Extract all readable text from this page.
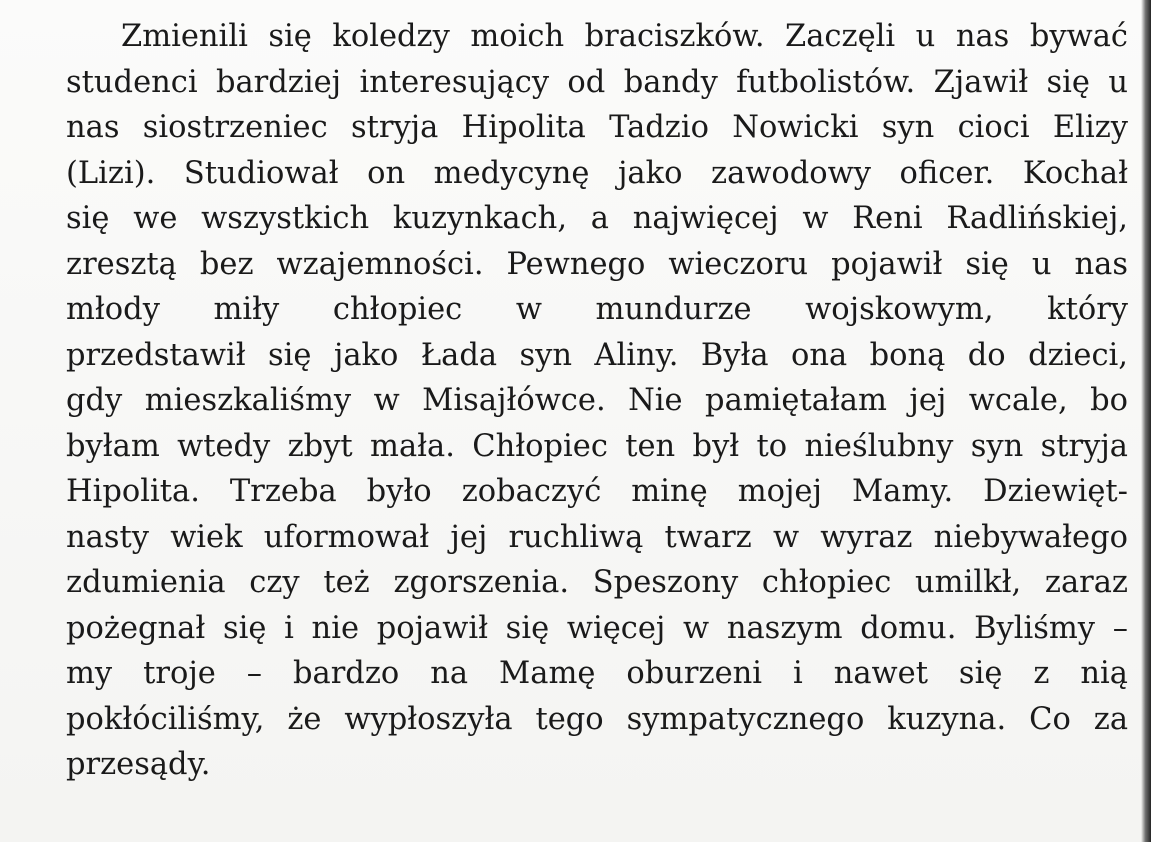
Zmienili się koledzy moich braciszków. Zaczęli u nas bywać
studenci bardziej interesujący od bandy futbolistów. Zjawił się u
nas siostrzeniec stryja Hipolita Tadzio Nowicki syn cioci Elizy
(Lizi). Studiował on medycynę jako zawodowy oficer. Kochał
się we wszystkich kuzynkach, a najwięcej w Reni Radlińskiej,
zresztą bez wzajemności. Pewnego wieczoru pojawił się u nas
młody miły chłopiec w mundurze wojskowym, który
przedstawił się jako Łada syn Aliny. Była ona boną do dzieci,
gdy mieszkaliśmy w Misajłówce. Nie pamiętałam jej wcale, bo
byłam wtedy zbyt mała. Chłopiec ten był to nieślubny syn stryja
Hipolita. Trzeba było zobaczyć minę mojej Mamy. Dziewięt-
nasty wiek uformował jej ruchliwą twarz w wyraz niebywałego
zdumienia czy też zgorszenia. Speszony chłopiec umilkł, zaraz
pożegnał się i nie pojawił się więcej w naszym domu. Byliśmy –
my troje – bardzo na Mamę oburzeni i nawet się z nią
pokłóciliśmy, że wypłoszyła tego sympatycznego kuzyna. Co za
przesądy.
